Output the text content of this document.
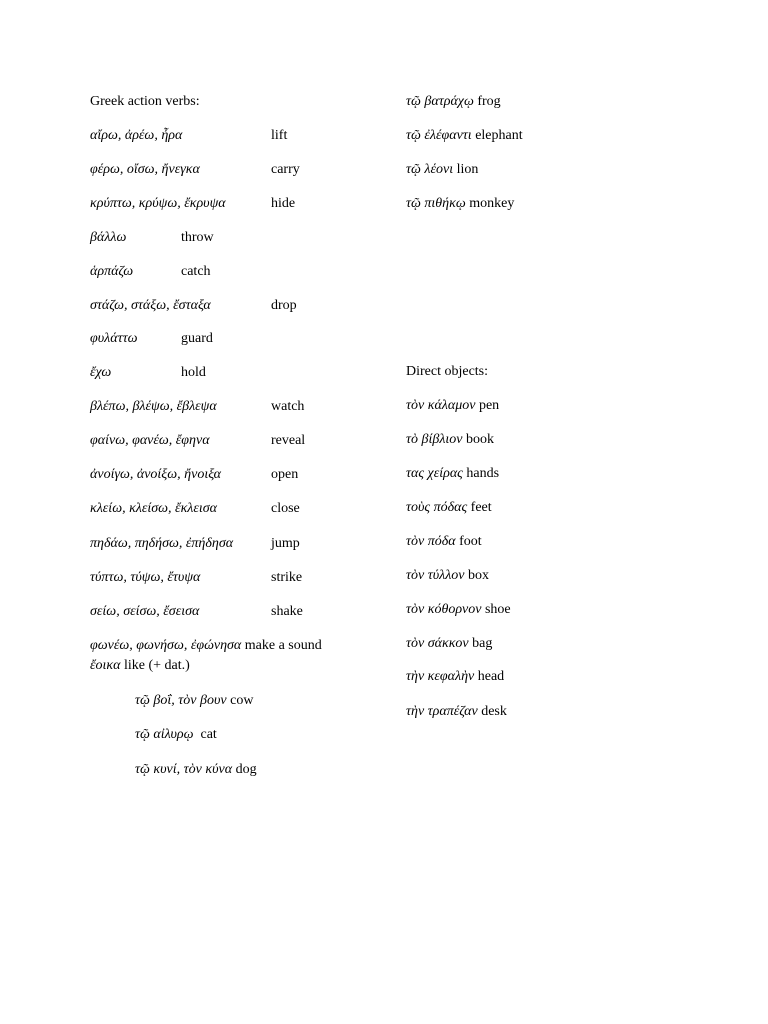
Greek action verbs:
αἴρω, ἀρέω, ἦρα	lift
φέρω, οἴσω, ἤνεγκα	carry
κρύπτω, κρύψω, ἔκρυψα	hide
βάλλω	throw
ἁρπάζω	catch
στάζω, στάξω, ἔσταξα	drop
φυλάττω	guard
ἔχω	hold
βλέπω, βλέψω, ἔβλεψα	watch
φαίνω, φανέω, ἔφηνα	reveal
ἀνοίγω, ἀνοίξω, ἤνοιξα	open
κλείω, κλείσω, ἔκλεισα	close
πηδάω, πηδήσω, ἐπήδησα	jump
τύπτω, τύψω, ἔτυψα	strike
σείω, σείσω, ἔσεισα	shake
φωνέω, φωνήσω, ἐφώνησα make a sound
ἔοικα like (+ dat.)
τῷ βοΐ, τὸν βουν cow
τῷ αἰλυρῳ cat
τῷ κυνί, τὸν κύνα dog
τῷ βατράχῳ frog
τῷ ἐλέφαντι elephant
τῷ λέονι lion
τῷ πιθήκῳ monkey
Direct objects:
τὸν κάλαμον pen
τὸ βίβλιον book
τας χείρας hands
τοὺς πόδας feet
τὸν πόδα foot
τὸν τύλλον box
τὸν κόθορνον shoe
τὸν σάκκον bag
τὴν κεφαλὴν head
τὴν τραπέζαν desk
